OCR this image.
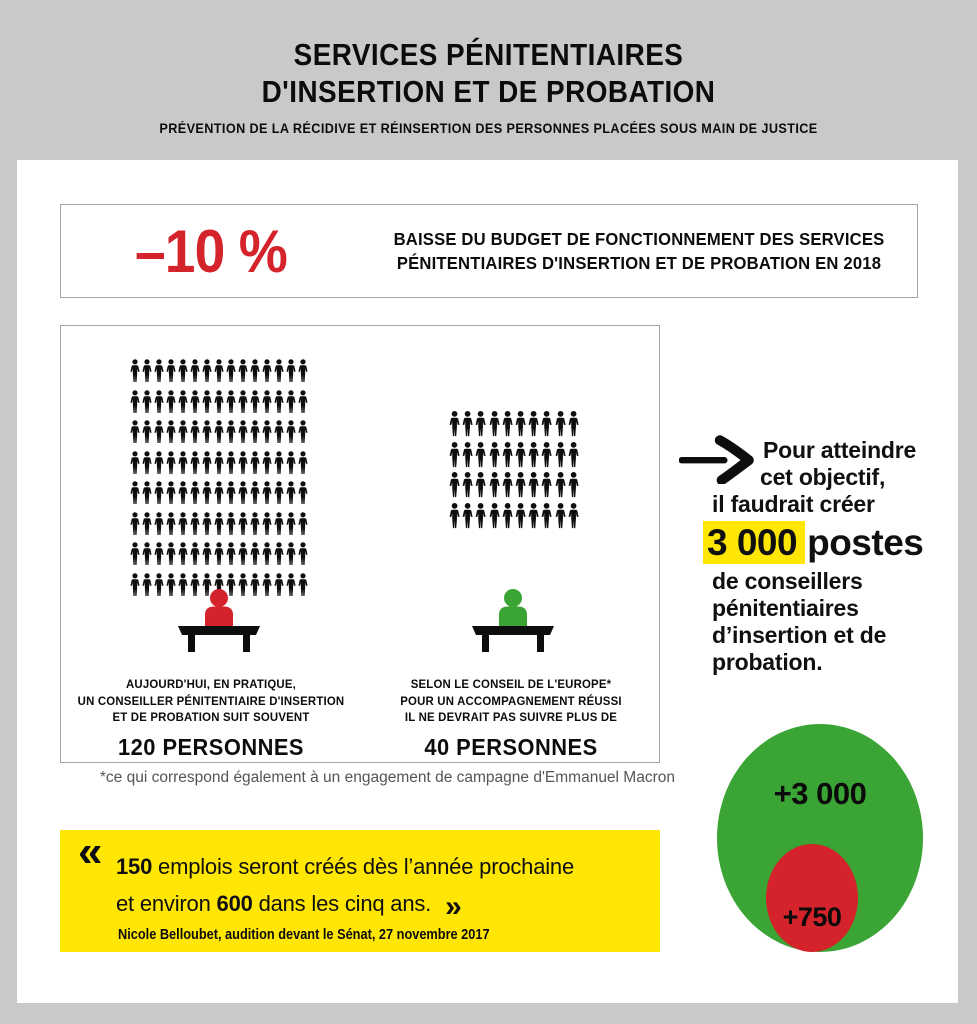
SERVICES PÉNITENTIAIRES
D'INSERTION ET DE PROBATION
PRÉVENTION DE LA RÉCIDIVE ET RÉINSERTION DES PERSONNES PLACÉES SOUS MAIN DE JUSTICE
–10 %	BAISSE DU BUDGET DE FONCTIONNEMENT DES SERVICES
PÉNITENTIAIRES D'INSERTION ET DE PROBATION EN 2018
AUJOURD'HUI, EN PRATIQUE,
UN CONSEILLER PÉNITENTIAIRE D'INSERTION
ET DE PROBATION SUIT SOUVENT
120 PERSONNES
SELON LE CONSEIL DE L'EUROPE*
POUR UN ACCOMPAGNEMENT RÉUSSI
IL NE DEVRAIT PAS SUIVRE PLUS DE
40 PERSONNES
*ce qui correspond également à un engagement de campagne d'Emmanuel Macron
Pour atteindre
cet objectif,
il faudrait créer
3 000 postes
de conseillers
pénitentiaires
d’insertion et de
probation.
+3 000
+750
« 150 emplois seront créés dès l’année prochaine
et environ 600 dans les cinq ans. »
Nicole Belloubet, audition devant le Sénat, 27 novembre 2017
